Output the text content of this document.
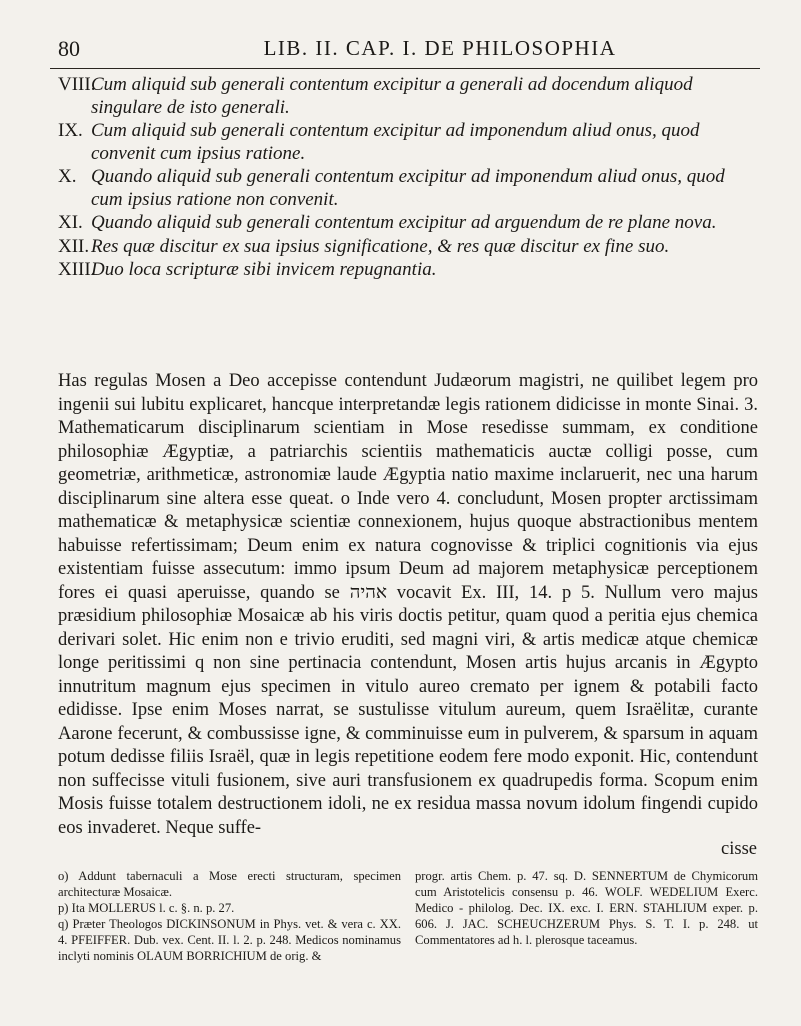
80	LIB. II. CAP. I. DE PHILOSOPHIA
VIII.Cum aliquid sub generali contentum excipitur a generali ad docendum aliquod singulare de isto generali.
IX. Cum aliquid sub generali contentum excipitur ad imponendum aliud onus, quod convenit cum ipsius ratione.
X. Quando aliquid sub generali contentum excipitur ad imponendum aliud onus, quod cum ipsius ratione non convenit.
XI. Quando aliquid sub generali contentum excipitur ad arguendum de re plane nova.
XII.Res quæ discitur ex sua ipsius significatione, & res quæ discitur ex fine suo.
XIII.Duo loca scripturæ sibi invicem repugnantia.

Has regulas Mosen a Deo accepisse contendunt Judæorum magistri, ne quilibet legem pro ingenii sui lubitu explicaret, hancque interpretandæ legis rationem didicisse in monte Sinai. 3. Mathematicarum disciplinarum scientiam in Mose resedisse summam, ex conditione philosophiæ Ægyptiæ, a patriarchis scientiis mathematicis auctæ colligi posse, cum geometriæ, arithmeticæ, astronomiæ laude Ægyptia natio maxime inclaruerit, nec una harum disciplinarum sine altera esse queat. o Inde vero 4. concludunt, Mosen propter arctissimam mathematicæ & metaphysicæ scientiæ connexionem, hujus quoque abstractionibus mentem habuisse refertissimam; Deum enim ex natura cognovisse & triplici cognitionis via ejus existentiam fuisse assecutum: immo ipsum Deum ad majorem metaphysicæ perceptionem fores ei quasi aperuisse, quando se אהיה vocavit Ex. III, 14. p 5. Nullum vero majus præsidium philosophiæ Mosaicæ ab his viris doctis petitur, quam quod a peritia ejus chemica derivari solet. Hic enim non e trivio eruditi, sed magni viri, & artis medicæ atque chemicæ longe peritissimi q non sine pertinacia contendunt, Mosen artis hujus arcanis in Ægypto innutritum magnum ejus specimen in vitulo aureo cremato per ignem & potabili facto edidisse. Ipse enim Moses narrat, se sustulisse vitulum aureum, quem Israëlitæ, curante Aarone fecerunt, & combussisse igne, & comminuisse eum in pulverem, & sparsum in aquam potum dedisse filiis Israël, quæ in legis repetitione eodem fere modo exponit. Hic, contendunt non suffecisse vituli fusionem, sive auri transfusionem ex quadrupedis forma. Scopum enim Mosis fuisse totalem destructionem idoli, ne ex residua massa novum idolum fingendi cupido eos invaderet. Neque suffe-

cisse

o) Addunt tabernaculi a Mose erecti structuram, specimen architecturæ Mosaicæ.

p) Ita MOLLERUS l. c. §. n. p. 27.

q) Præter Theologos DICKINSONUM in Phys. vet. & vera c. XX. 4. PFEIFFER. Dub. vex. Cent. II. l. 2. p. 248. Medicos nominamus inclyti nominis OLAUM BORRICHIUM de orig. &

progr. artis Chem. p. 47. sq. D. SENNERTUM de Chymicorum cum Aristotelicis consensu p. 46. WOLF. WEDELIUM Exerc. Medico - philolog. Dec. IX. exc. I. ERN. STAHLIUM exper. p. 606. J. JAC. SCHEUCHZERUM Phys. S. T. I. p. 248. ut Commentatores ad h. l. plerosque taceamus.
